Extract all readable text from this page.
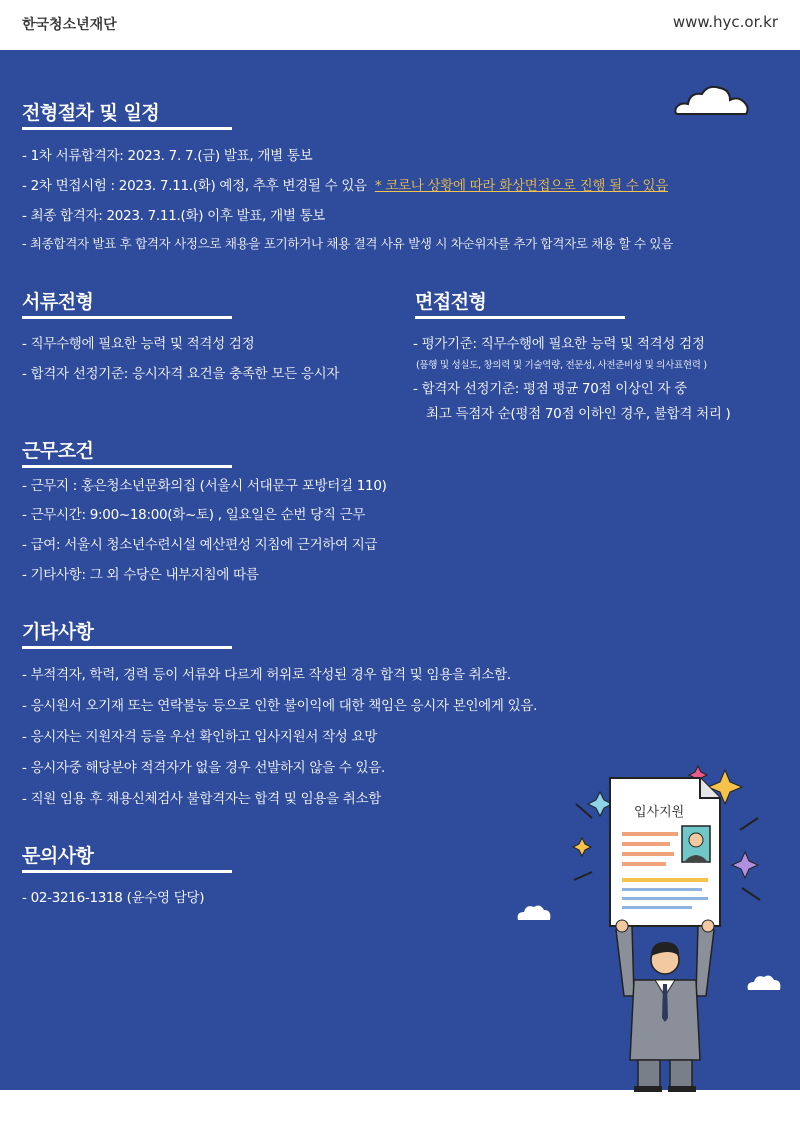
한국청소년재단	www.hyc.or.kr
전형절차 및 일정
- 1차 서류합격자: 2023. 7. 7.(금) 발표, 개별 통보
- 2차 면접시험 : 2023. 7.11.(화) 예정, 추후 변경될 수 있음 * 코로나 상황에 따라 화상면접으로 진행 될 수 있음
- 최종 합격자: 2023. 7.11.(화) 이후 발표, 개별 통보
- 최종합격자 발표 후 합격자 사정으로 채용을 포기하거나 채용 결격 사유 발생 시 차순위자를 추가 합격자로 채용 할 수 있음
서류전형
- 직무수행에 필요한 능력 및 적격성 검정
- 합격자 선정기준: 응시자격 요건을 충족한 모든 응시자
면접전형
- 평가기준: 직무수행에 필요한 능력 및 적격성 검정
(품행 및 성실도, 창의력 및 기술역량, 전문성, 사전준비성 및 의사표현력 )
- 합격자 선정기준: 평점 평균 70점 이상인 자 중
최고 득점자 순(평점 70점 이하인 경우, 불합격 처리 )
근무조건
- 근무지 : 홍은청소년문화의집 (서울시 서대문구 포방터길 110)
- 근무시간: 9:00~18:00(화~토) , 일요일은 순번 당직 근무
- 급여: 서울시 청소년수련시설 예산편성 지침에 근거하여 지급
- 기타사항: 그 외 수당은 내부지침에 따름
기타사항
- 부적격자, 학력, 경력 등이 서류와 다르게 허위로 작성된 경우 합격 및 임용을 취소함.
- 응시원서 오기재 또는 연락불능 등으로 인한 불이익에 대한 책임은 응시자 본인에게 있음.
- 응시자는 지원자격 등을 우선 확인하고 입사지원서 작성 요망
- 응시자중 해당분야 적격자가 없을 경우 선발하지 않을 수 있음.
- 직원 임용 후 채용신체검사 불합격자는 합격 및 임용을 취소함
문의사항
- 02-3216-1318 (윤수영 담당)
입사지원
